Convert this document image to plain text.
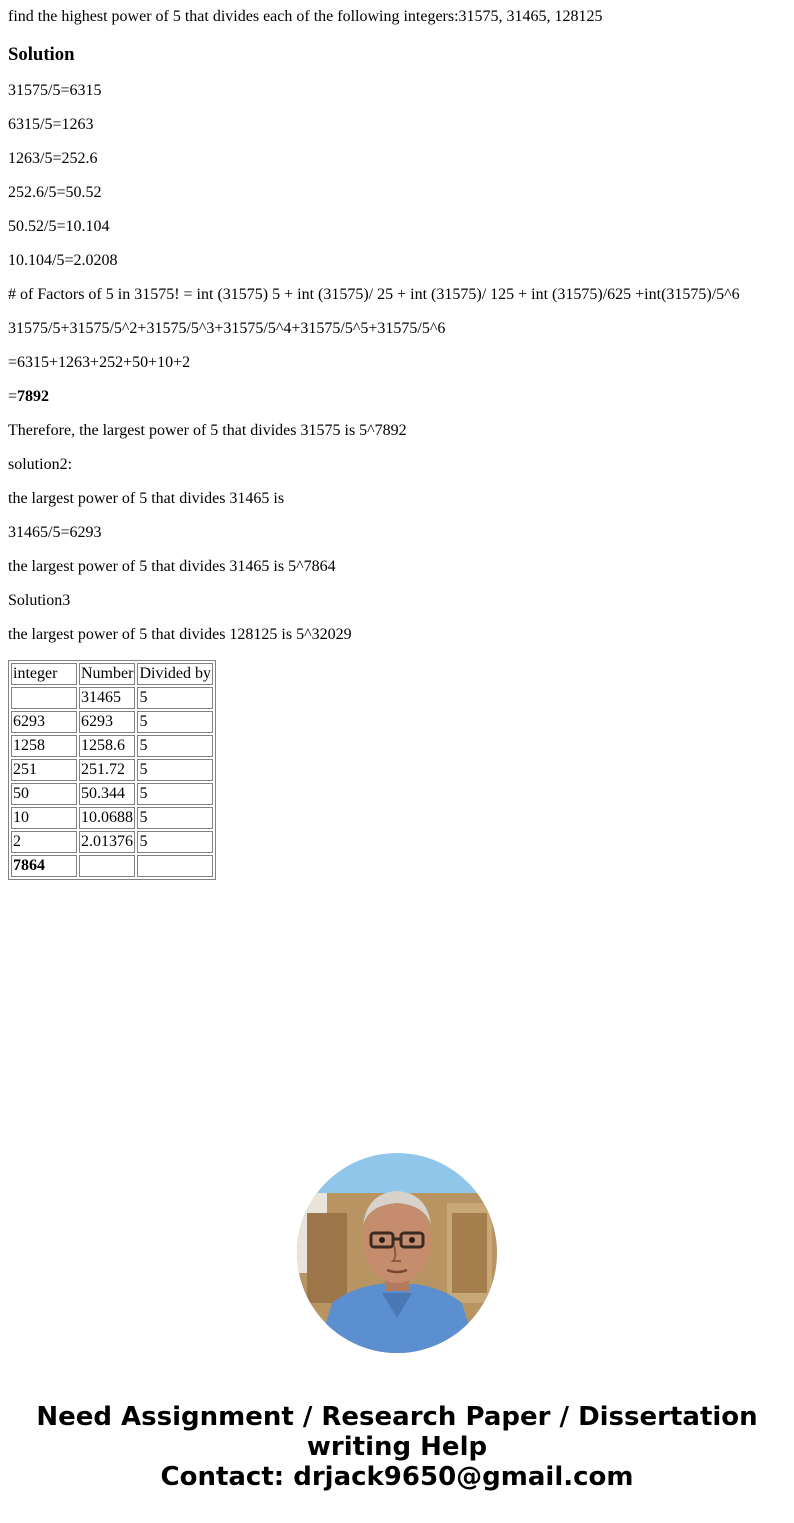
find the highest power of 5 that divides each of the following integers:31575, 31465, 128125

Solution

31575/5=6315

6315/5=1263

1263/5=252.6

252.6/5=50.52

50.52/5=10.104

10.104/5=2.0208

# of Factors of 5 in 31575! = int (31575) 5 + int (31575)/ 25 + int (31575)/ 125 + int (31575)/625 +int(31575)/5^6

31575/5+31575/5^2+31575/5^3+31575/5^4+31575/5^5+31575/5^6

=6315+1263+252+50+10+2

=7892

Therefore, the largest power of 5 that divides 31575 is 5^7892

solution2:

the largest power of 5 that divides 31465 is

31465/5=6293

the largest power of 5 that divides 31465 is 5^7864

Solution3

the largest power of 5 that divides 128125 is 5^32029

integer	Number	Divided by
	31465	5
6293	6293	5
1258	1258.6	5
251	251.72	5
50	50.344	5
10	10.0688	5
2	2.01376	5
7864		
Need Assignment / Research Paper / Dissertation
writing Help
Contact: drjack9650@gmail.com
